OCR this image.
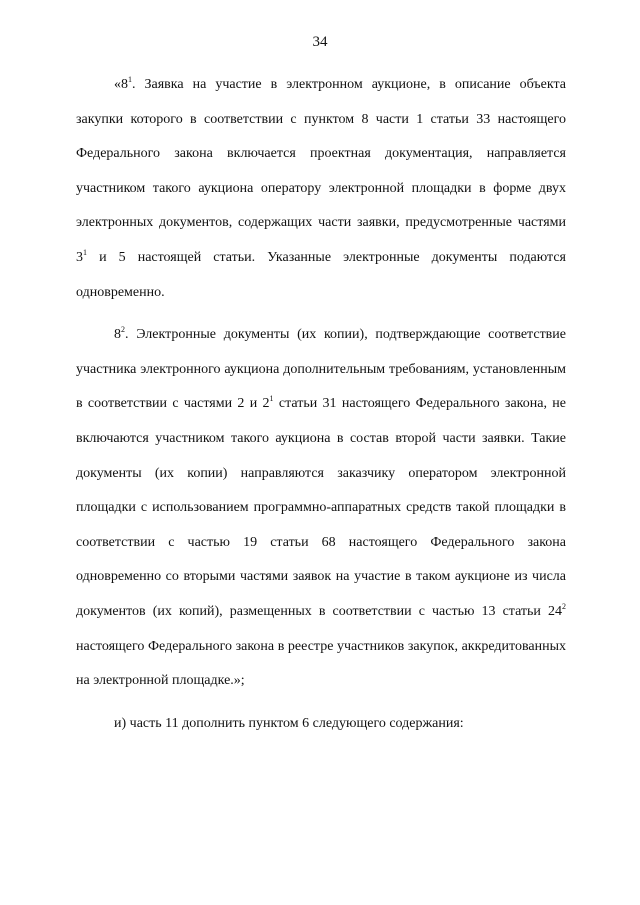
34

«$8^1$. Заявка на участие в электронном аукционе, в описание объекта закупки которого в соответствии с пунктом 8 части 1 статьи 33 настоящего Федерального закона включается проектная документация, направляется участником такого аукциона оператору электронной площадки в форме двух электронных документов, содержащих части заявки, предусмотренные частями $3^1$ и 5 настоящей статьи. Указанные электронные документы подаются одновременно.

$8^2$. Электронные документы (их копии), подтверждающие соответствие участника электронного аукциона дополнительным требованиям, установленным в соответствии с частями 2 и $2^1$ статьи 31 настоящего Федерального закона, не включаются участником такого аукциона в состав второй части заявки. Такие документы (их копии) направляются заказчику оператором электронной площадки с использованием программно-аппаратных средств такой площадки в соответствии с частью 19 статьи 68 настоящего Федерального закона одновременно со вторыми частями заявок на участие в таком аукционе из числа документов (их копий), размещенных в соответствии с частью 13 статьи $24^2$ настоящего Федерального закона в реестре участников закупок, аккредитованных на электронной площадке.»;

и) часть 11 дополнить пунктом 6 следующего содержания:
